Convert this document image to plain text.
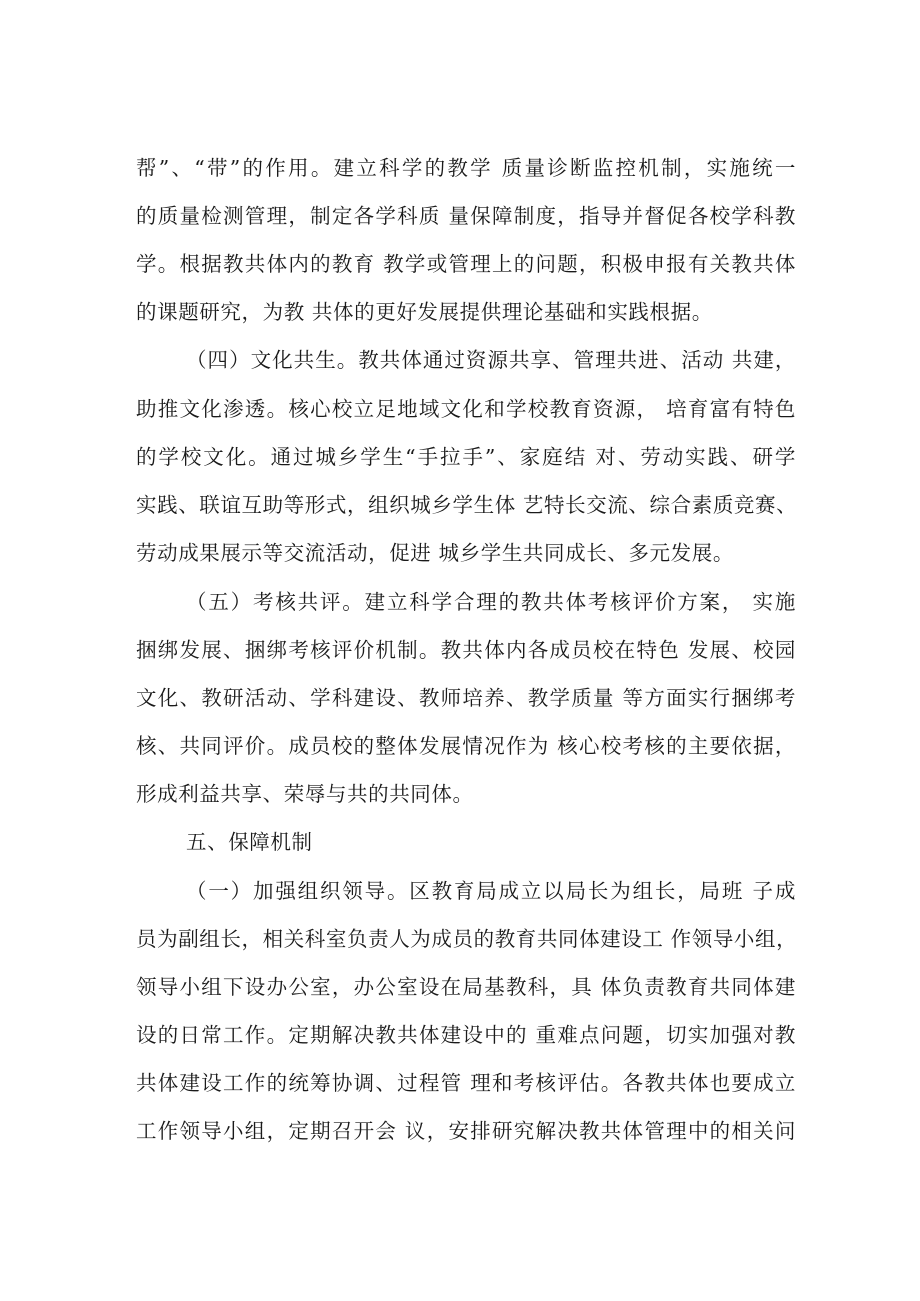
帮”、“带”的作用。建立科学的教学 质量诊断监控机制，实施统一
的质量检测管理，制定各学科质 量保障制度，指导并督促各校学科教
学。根据教共体内的教育 教学或管理上的问题，积极申报有关教共体
的课题研究，为教 共体的更好发展提供理论基础和实践根据。
（四）文化共生。教共体通过资源共享、管理共进、活动 共建，
助推文化渗透。核心校立足地域文化和学校教育资源， 培育富有特色
的学校文化。通过城乡学生“手拉手”、家庭结 对、劳动实践、研学
实践、联谊互助等形式，组织城乡学生体 艺特长交流、综合素质竞赛、
劳动成果展示等交流活动，促进 城乡学生共同成长、多元发展。
（五）考核共评。建立科学合理的教共体考核评价方案， 实施
捆绑发展、捆绑考核评价机制。教共体内各成员校在特色 发展、校园
文化、教研活动、学科建设、教师培养、教学质量 等方面实行捆绑考
核、共同评价。成员校的整体发展情况作为 核心校考核的主要依据，
形成利益共享、荣辱与共的共同体。
五、保障机制
（一）加强组织领导。区教育局成立以局长为组长，局班 子成
员为副组长，相关科室负责人为成员的教育共同体建设工 作领导小组，
领导小组下设办公室，办公室设在局基教科，具 体负责教育共同体建
设的日常工作。定期解决教共体建设中的 重难点问题，切实加强对教
共体建设工作的统筹协调、过程管 理和考核评估。各教共体也要成立
工作领导小组，定期召开会 议，安排研究解决教共体管理中的相关问
